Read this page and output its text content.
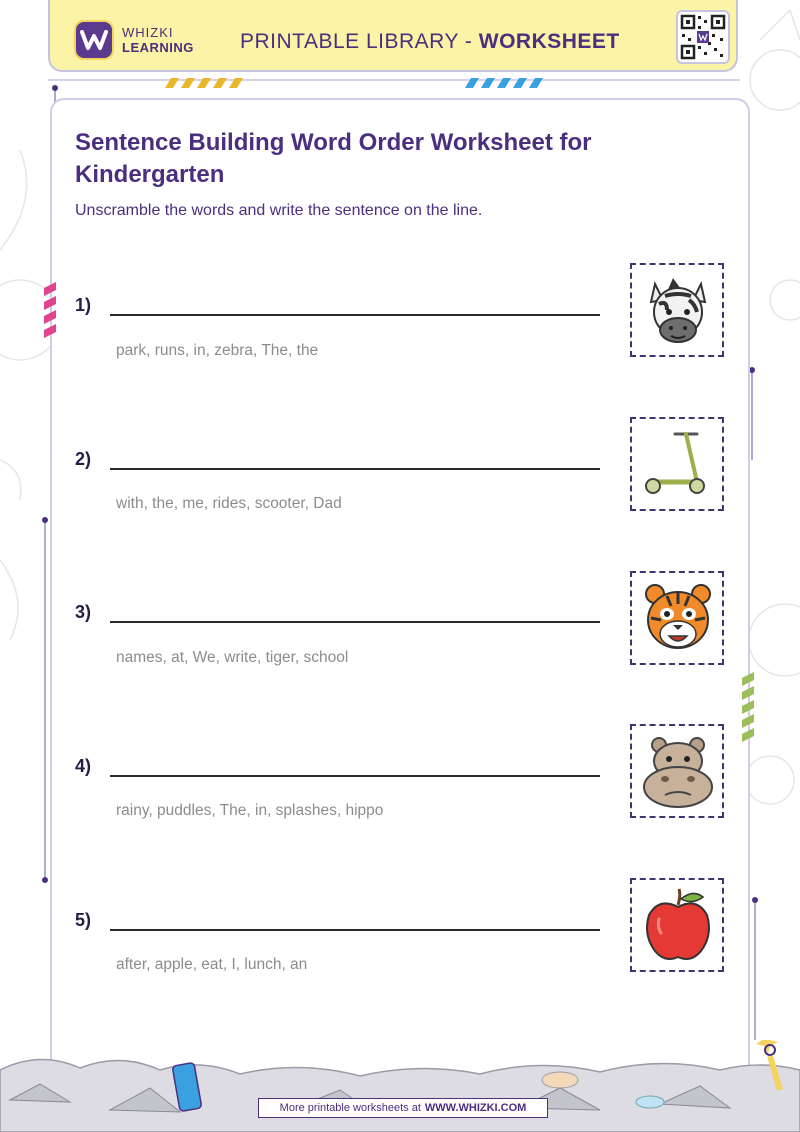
WHIZKI
LEARNING PRINTABLE LIBRARY - WORKSHEET
Sentence Building Word Order Worksheet for Kindergarten
Unscramble the words and write the sentence on the line.
1)
park, runs, in, zebra, The, the
2)
with, the, me, rides, scooter, Dad
3)
names, at, We, write, tiger, school
4)
rainy, puddles, The, in, splashes, hippo
5)
after, apple, eat, I, lunch, an
More printable worksheets at WWW.WHIZKI.COM
